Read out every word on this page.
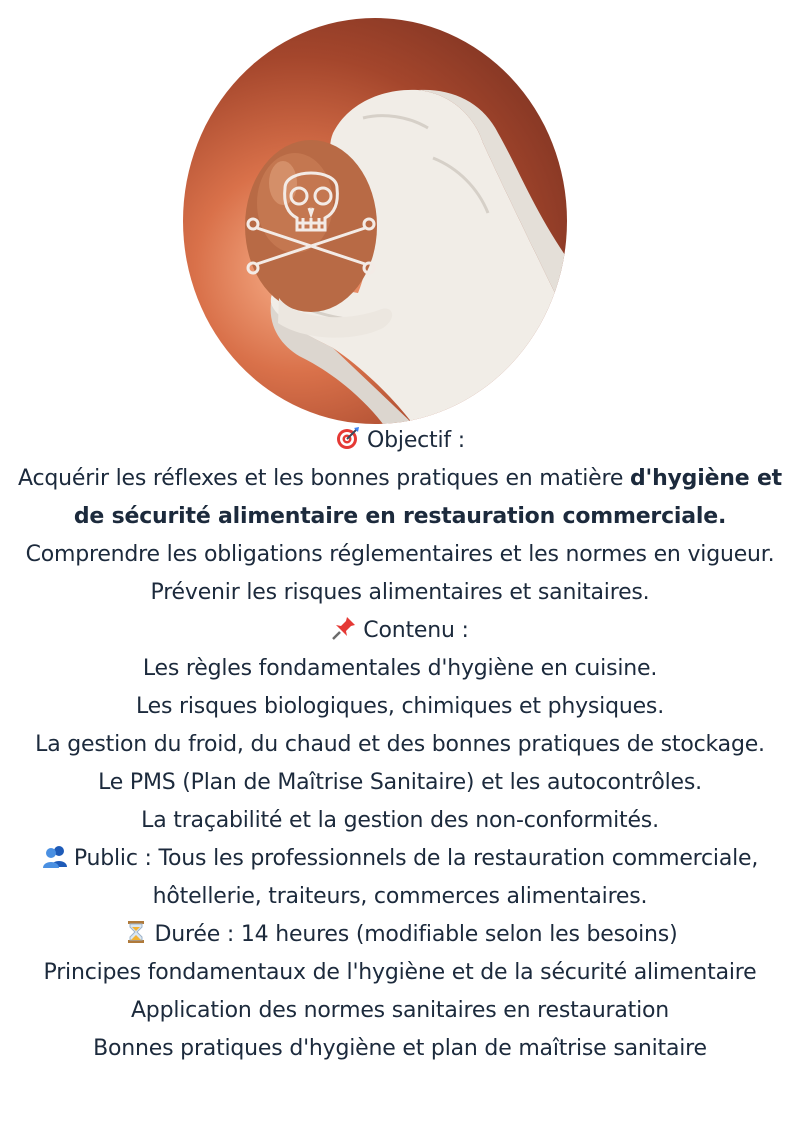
Objectif :
Acquérir les réflexes et les bonnes pratiques en matière d'hygiène et de sécurité alimentaire en restauration commerciale.
Comprendre les obligations réglementaires et les normes en vigueur.
Prévenir les risques alimentaires et sanitaires.
Contenu :
Les règles fondamentales d'hygiène en cuisine.
Les risques biologiques, chimiques et physiques.
La gestion du froid, du chaud et des bonnes pratiques de stockage.
Le PMS (Plan de Maîtrise Sanitaire) et les autocontrôles.
La traçabilité et la gestion des non-conformités.
Public : Tous les professionnels de la restauration commerciale, hôtellerie, traiteurs, commerces alimentaires.
Durée : 14 heures (modifiable selon les besoins)
Principes fondamentaux de l'hygiène et de la sécurité alimentaire
Application des normes sanitaires en restauration
Bonnes pratiques d'hygiène et plan de maîtrise sanitaire
